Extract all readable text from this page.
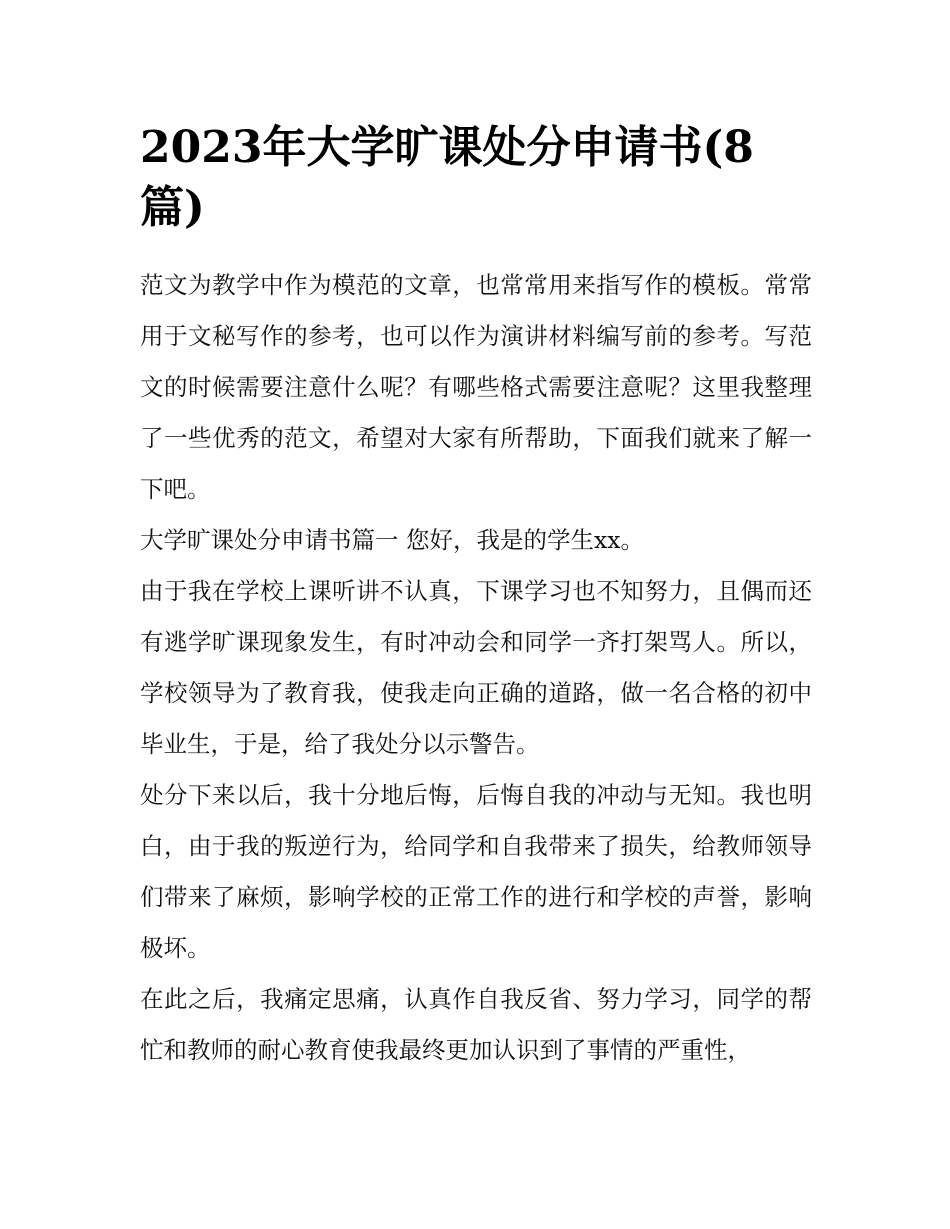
2023年大学旷课处分申请书(8篇)

范文为教学中作为模范的文章，也常常用来指写作的模板。常常用于文秘写作的参考，也可以作为演讲材料编写前的参考。写范文的时候需要注意什么呢？有哪些格式需要注意呢？这里我整理了一些优秀的范文，希望对大家有所帮助，下面我们就来了解一下吧。

大学旷课处分申请书篇一 您好，我是的学生xx。

由于我在学校上课听讲不认真，下课学习也不知努力，且偶而还有逃学旷课现象发生，有时冲动会和同学一齐打架骂人。所以，学校领导为了教育我，使我走向正确的道路，做一名合格的初中毕业生，于是，给了我处分以示警告。

处分下来以后，我十分地后悔，后悔自我的冲动与无知。我也明白，由于我的叛逆行为，给同学和自我带来了损失，给教师领导们带来了麻烦，影响学校的正常工作的进行和学校的声誉，影响极坏。

在此之后，我痛定思痛，认真作自我反省、努力学习，同学的帮忙和教师的耐心教育使我最终更加认识到了事情的严重性，
